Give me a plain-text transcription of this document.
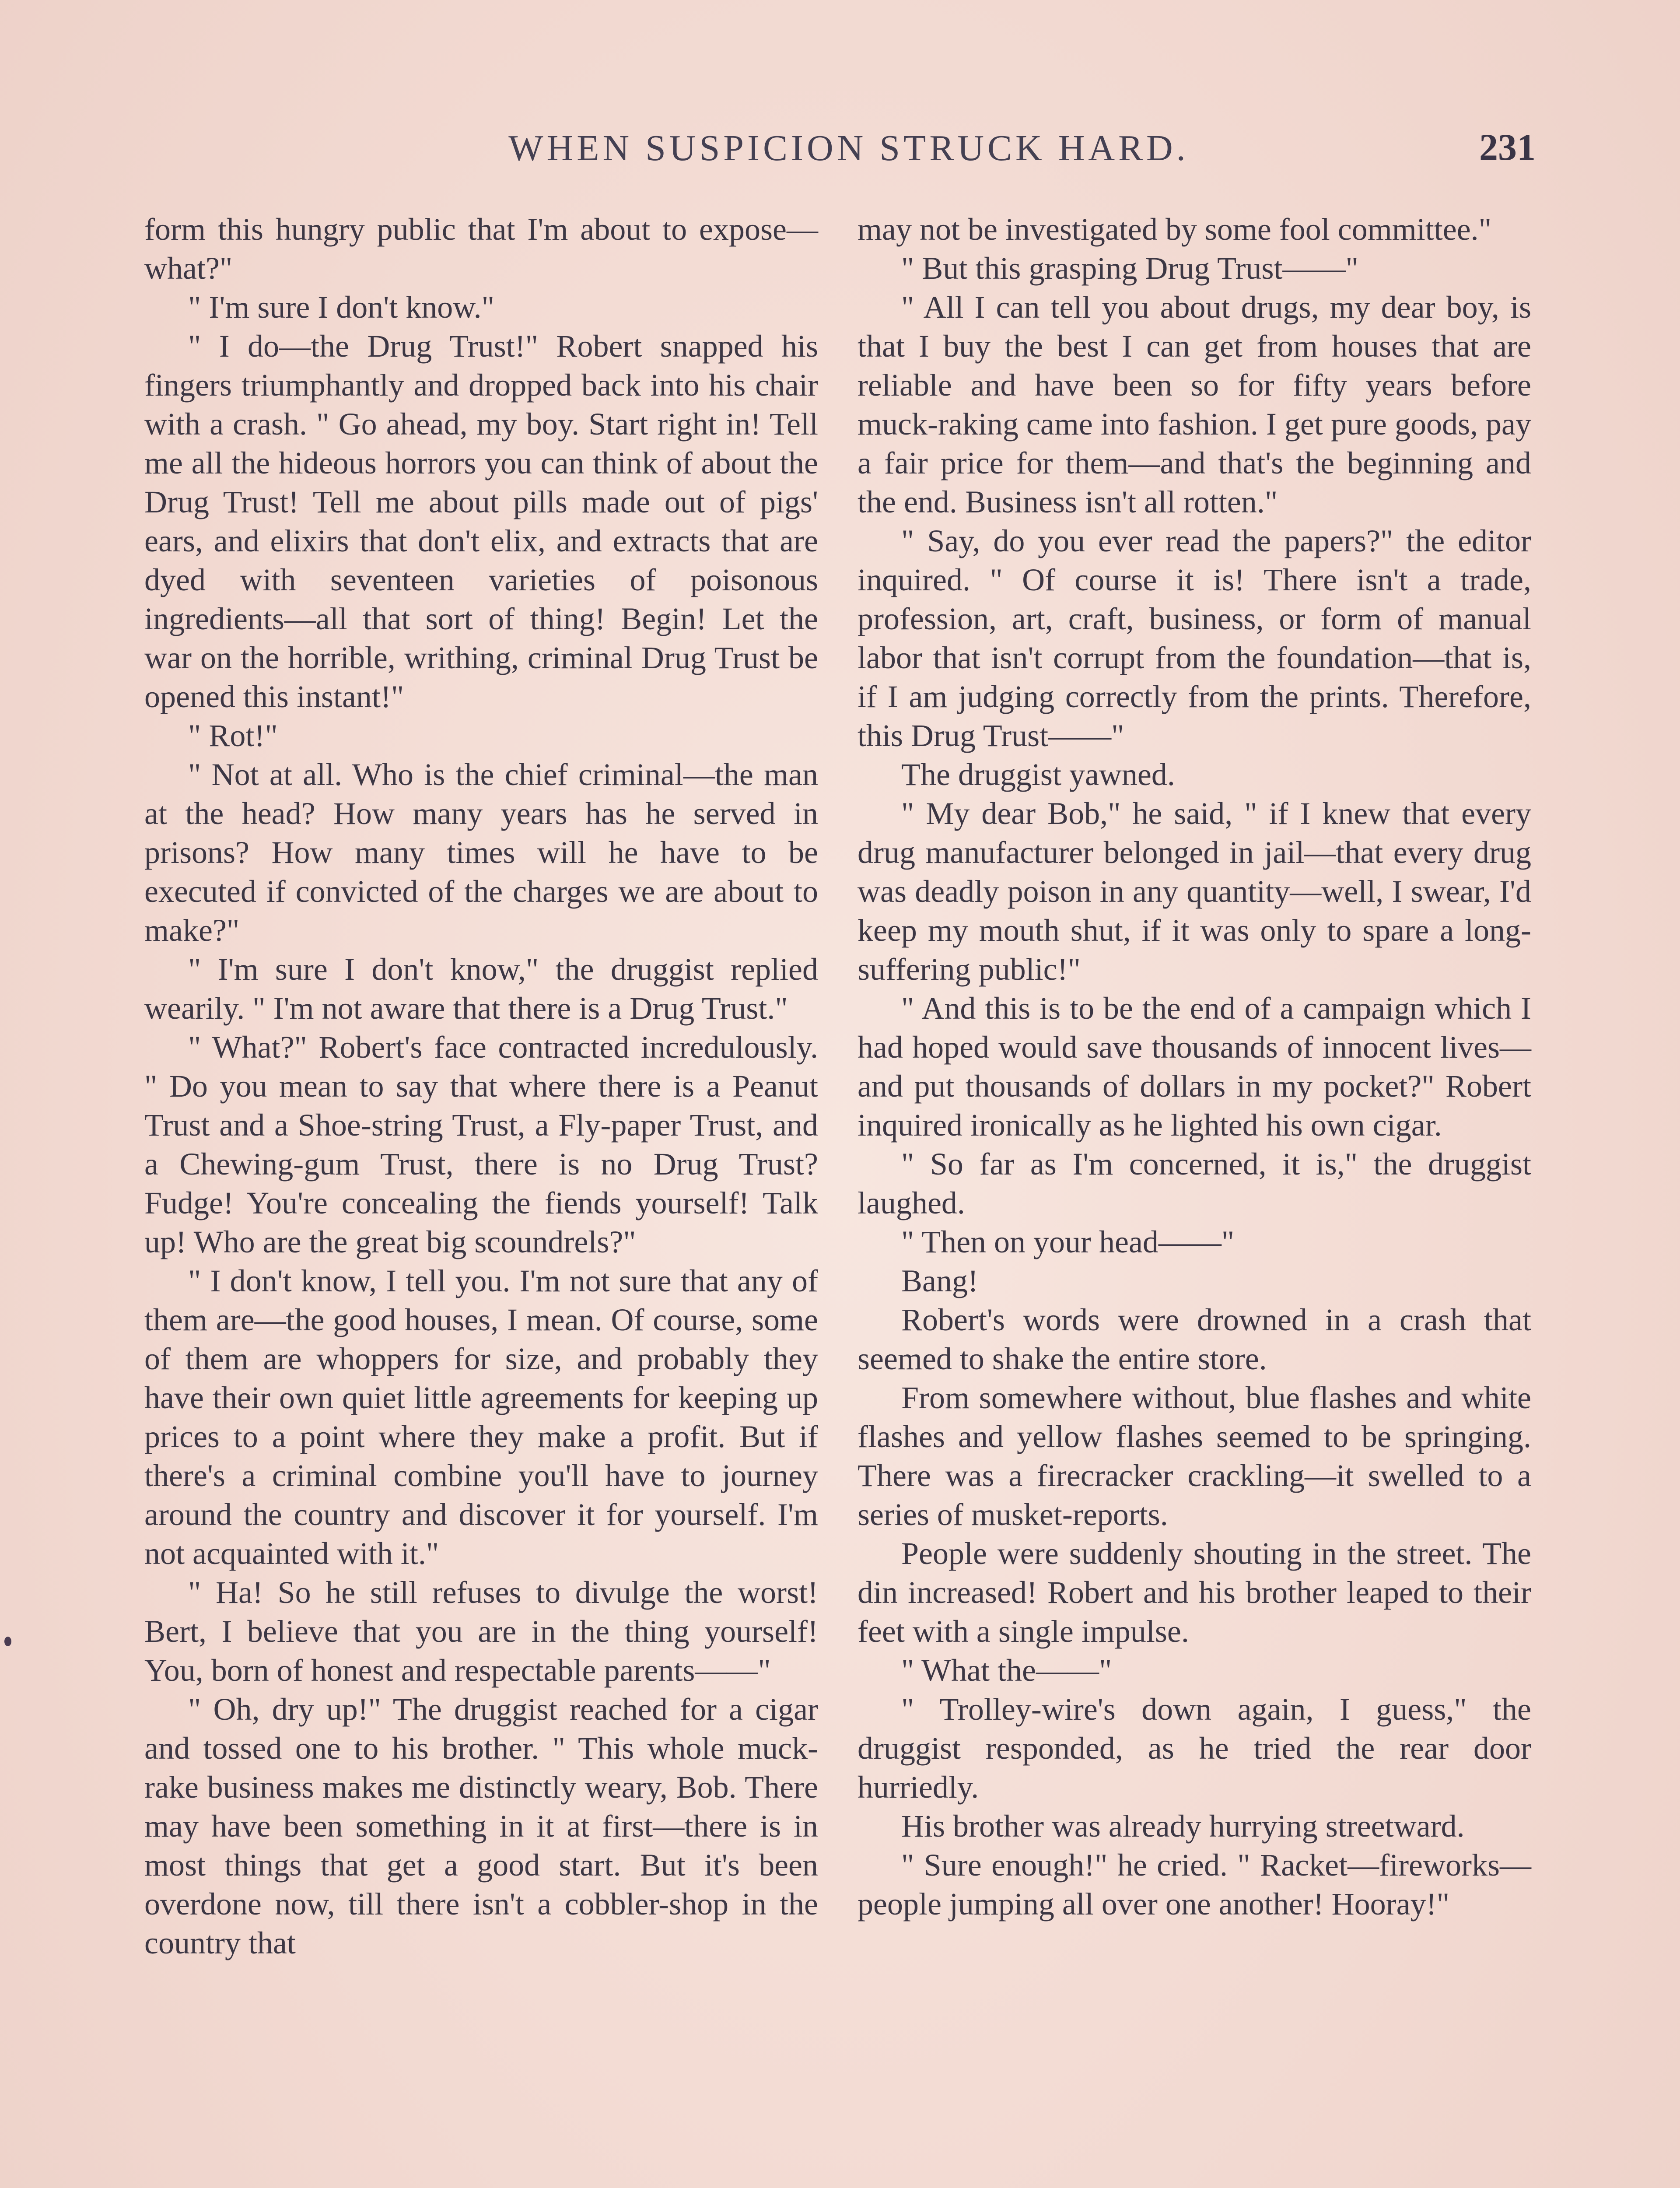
WHEN SUSPICION STRUCK HARD.	231

form this hungry public that I'm about to expose—what?"

" I'm sure I don't know."

" I do—the Drug Trust!" Robert snapped his fingers triumphantly and dropped back into his chair with a crash. " Go ahead, my boy. Start right in! Tell me all the hideous horrors you can think of about the Drug Trust! Tell me about pills made out of pigs' ears, and elixirs that don't elix, and extracts that are dyed with seventeen varieties of poisonous ingredients—all that sort of thing! Begin! Let the war on the horrible, writhing, criminal Drug Trust be opened this instant!"

" Rot!"

" Not at all. Who is the chief criminal—the man at the head? How many years has he served in prisons? How many times will he have to be executed if convicted of the charges we are about to make?"

" I'm sure I don't know," the druggist replied wearily. " I'm not aware that there is a Drug Trust."

" What?" Robert's face contracted incredulously. " Do you mean to say that where there is a Peanut Trust and a Shoe-string Trust, a Fly-paper Trust, and a Chewing-gum Trust, there is no Drug Trust? Fudge! You're concealing the fiends yourself! Talk up! Who are the great big scoundrels?"

" I don't know, I tell you. I'm not sure that any of them are—the good houses, I mean. Of course, some of them are whoppers for size, and probably they have their own quiet little agreements for keeping up prices to a point where they make a profit. But if there's a criminal combine you'll have to journey around the country and discover it for yourself. I'm not acquainted with it."

" Ha! So he still refuses to divulge the worst! Bert, I believe that you are in the thing yourself! You, born of honest and respectable parents——"

" Oh, dry up!" The druggist reached for a cigar and tossed one to his brother. " This whole muck-rake business makes me distinctly weary, Bob. There may have been something in it at first—there is in most things that get a good start. But it's been overdone now, till there isn't a cobbler-shop in the country that

may not be investigated by some fool committee."

" But this grasping Drug Trust——"

" All I can tell you about drugs, my dear boy, is that I buy the best I can get from houses that are reliable and have been so for fifty years before muck-raking came into fashion. I get pure goods, pay a fair price for them—and that's the beginning and the end. Business isn't all rotten."

" Say, do you ever read the papers?" the editor inquired. " Of course it is! There isn't a trade, profession, art, craft, business, or form of manual labor that isn't corrupt from the foundation—that is, if I am judging correctly from the prints. Therefore, this Drug Trust——"

The druggist yawned.

" My dear Bob," he said, " if I knew that every drug manufacturer belonged in jail—that every drug was deadly poison in any quantity—well, I swear, I'd keep my mouth shut, if it was only to spare a long-suffering public!"

" And this is to be the end of a campaign which I had hoped would save thousands of innocent lives—and put thousands of dollars in my pocket?" Robert inquired ironically as he lighted his own cigar.

" So far as I'm concerned, it is," the druggist laughed.

" Then on your head——"

Bang!

Robert's words were drowned in a crash that seemed to shake the entire store.

From somewhere without, blue flashes and white flashes and yellow flashes seemed to be springing. There was a firecracker crackling—it swelled to a series of musket-reports.

People were suddenly shouting in the street. The din increased! Robert and his brother leaped to their feet with a single impulse.

" What the——"

" Trolley-wire's down again, I guess," the druggist responded, as he tried the rear door hurriedly.

His brother was already hurrying streetward.

" Sure enough!" he cried. " Racket—fireworks—people jumping all over one another! Hooray!"
